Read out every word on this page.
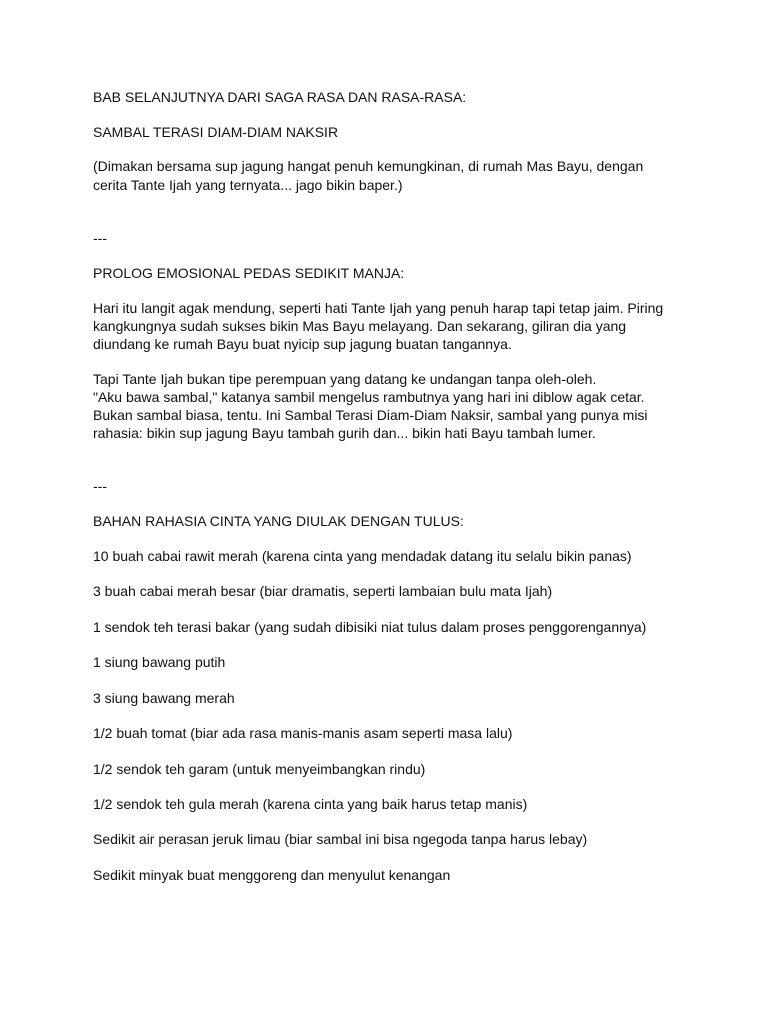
BAB SELANJUTNYA DARI SAGA RASA DAN RASA-RASA:
SAMBAL TERASI DIAM-DIAM NAKSIR
(Dimakan bersama sup jagung hangat penuh kemungkinan, di rumah Mas Bayu, dengan
cerita Tante Ijah yang ternyata... jago bikin baper.)
---
PROLOG EMOSIONAL PEDAS SEDIKIT MANJA:
Hari itu langit agak mendung, seperti hati Tante Ijah yang penuh harap tapi tetap jaim. Piring
kangkungnya sudah sukses bikin Mas Bayu melayang. Dan sekarang, giliran dia yang
diundang ke rumah Bayu buat nyicip sup jagung buatan tangannya.
Tapi Tante Ijah bukan tipe perempuan yang datang ke undangan tanpa oleh-oleh.
"Aku bawa sambal," katanya sambil mengelus rambutnya yang hari ini diblow agak cetar.
Bukan sambal biasa, tentu. Ini Sambal Terasi Diam-Diam Naksir, sambal yang punya misi
rahasia: bikin sup jagung Bayu tambah gurih dan... bikin hati Bayu tambah lumer.
---
BAHAN RAHASIA CINTA YANG DIULAK DENGAN TULUS:
10 buah cabai rawit merah (karena cinta yang mendadak datang itu selalu bikin panas)
3 buah cabai merah besar (biar dramatis, seperti lambaian bulu mata Ijah)
1 sendok teh terasi bakar (yang sudah dibisiki niat tulus dalam proses penggorengannya)
1 siung bawang putih
3 siung bawang merah
1/2 buah tomat (biar ada rasa manis-manis asam seperti masa lalu)
1/2 sendok teh garam (untuk menyeimbangkan rindu)
1/2 sendok teh gula merah (karena cinta yang baik harus tetap manis)
Sedikit air perasan jeruk limau (biar sambal ini bisa ngegoda tanpa harus lebay)
Sedikit minyak buat menggoreng dan menyulut kenangan
